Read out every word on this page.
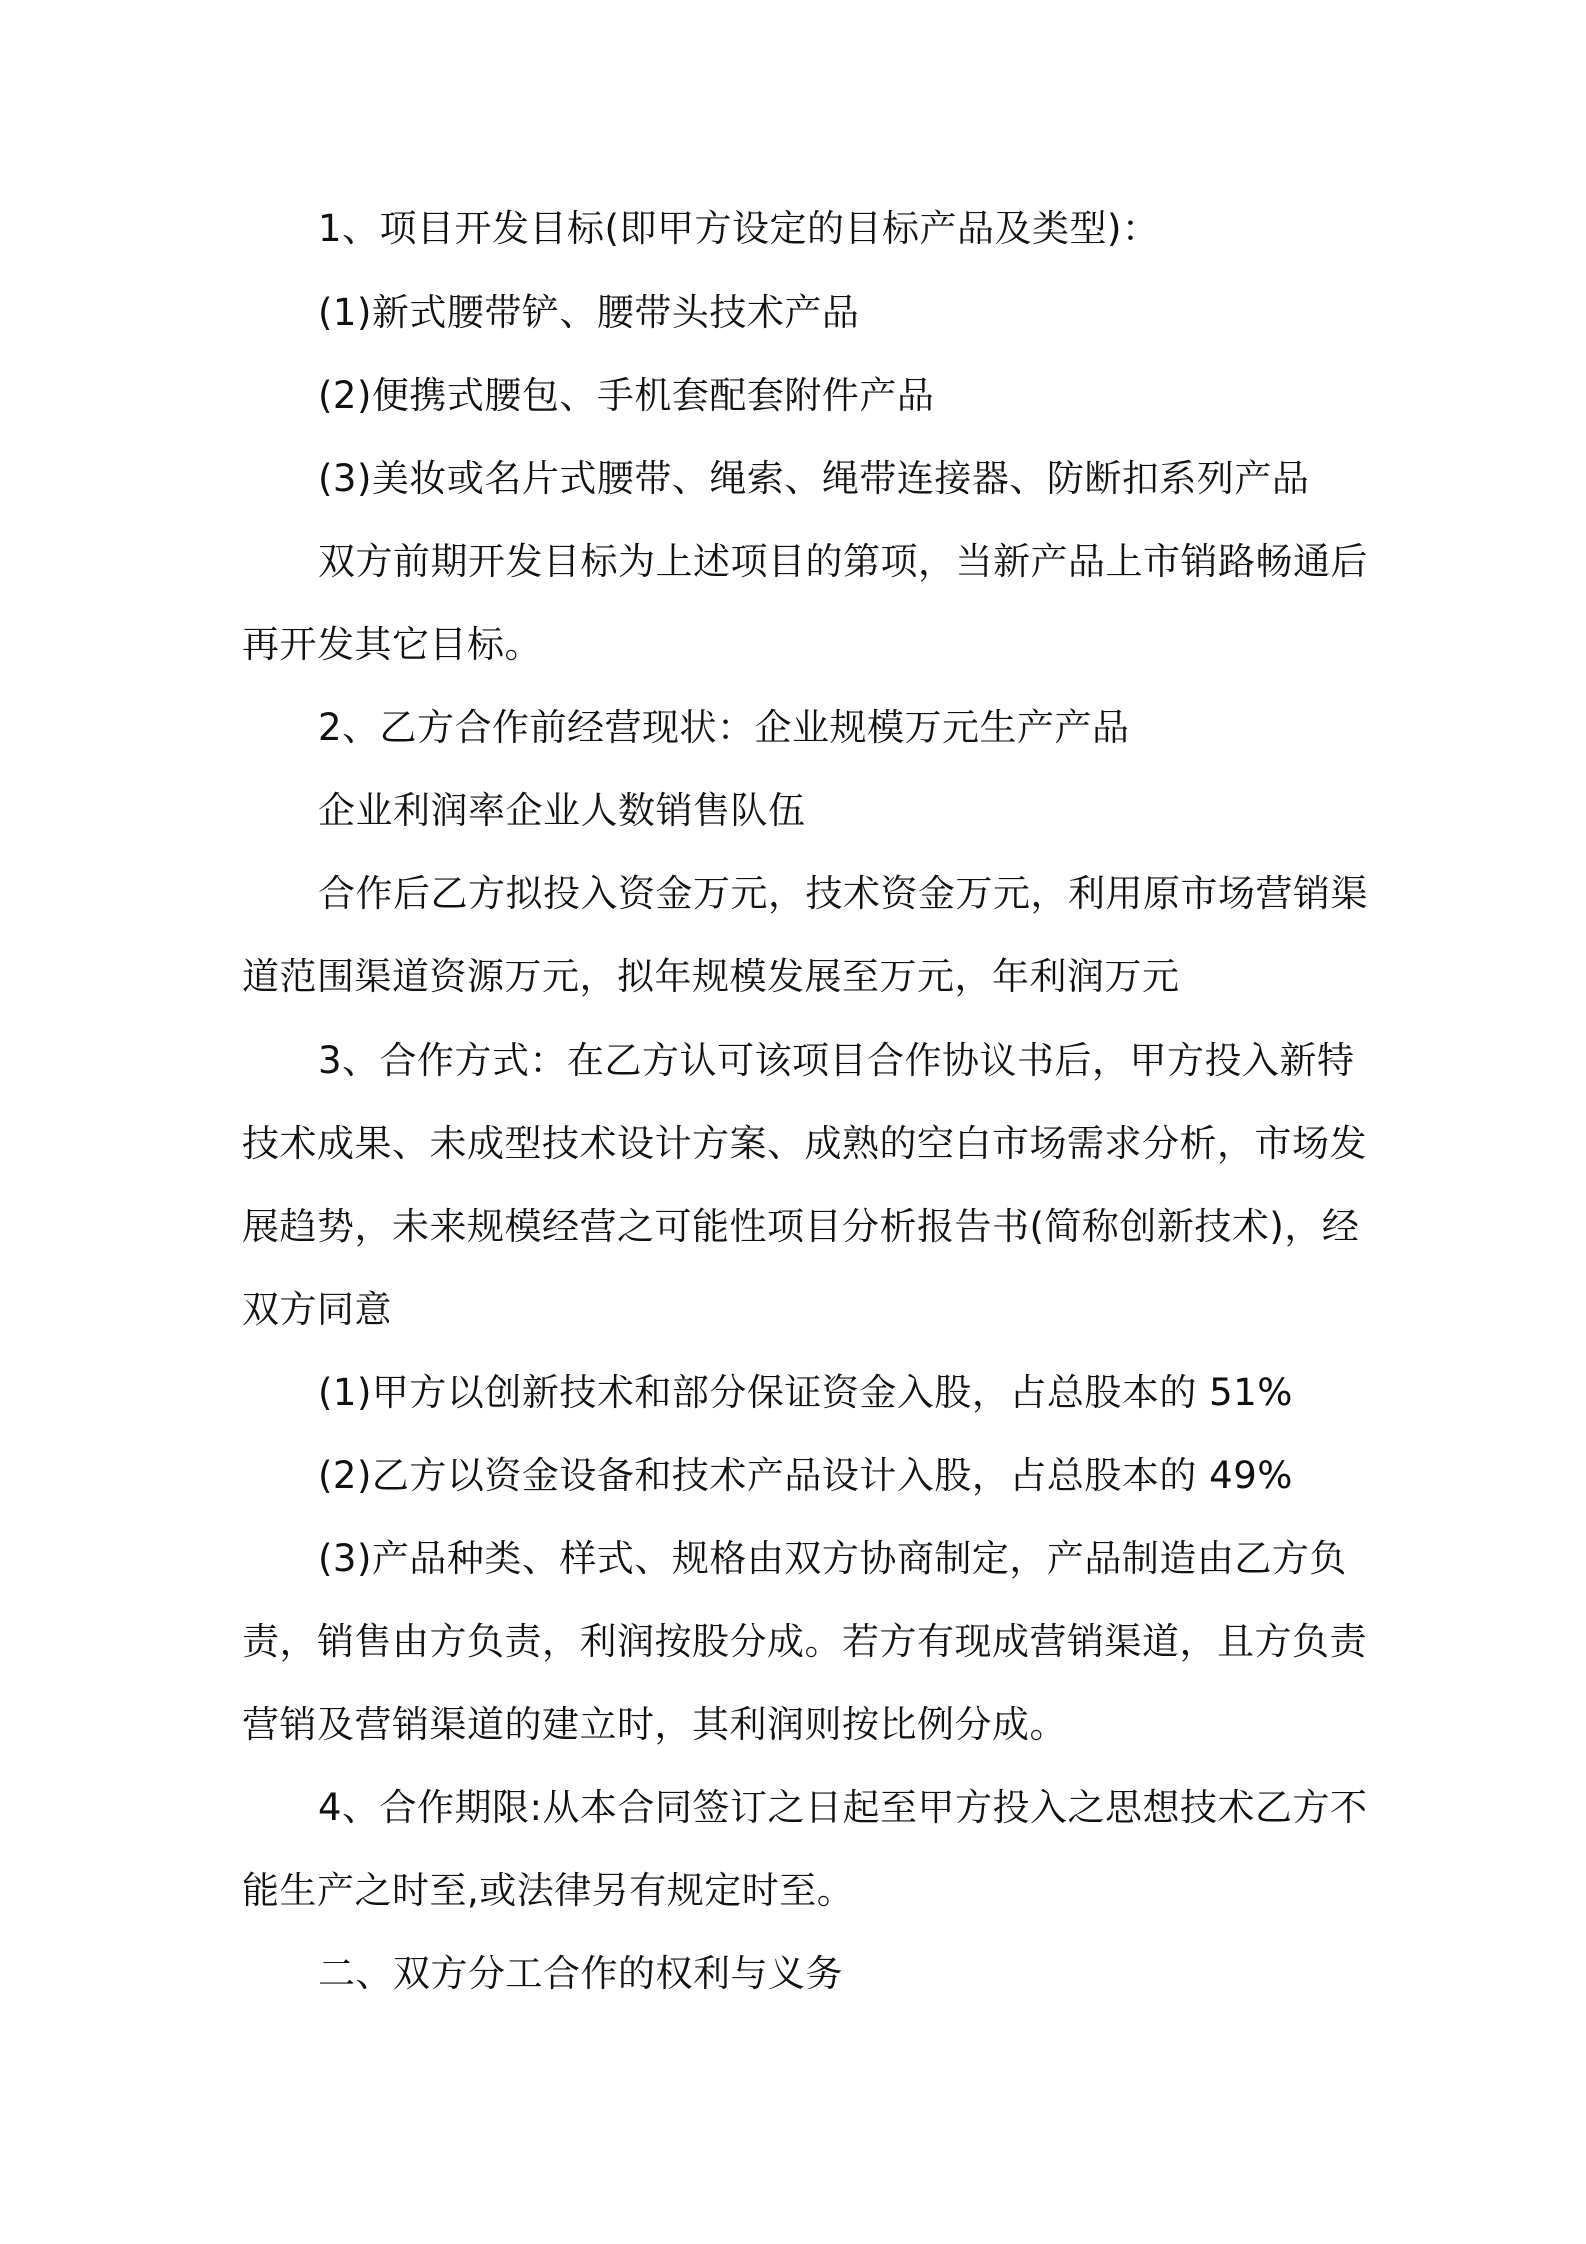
1、项目开发目标(即甲方设定的目标产品及类型)：
(1)新式腰带铲、腰带头技术产品
(2)便携式腰包、手机套配套附件产品
(3)美妆或名片式腰带、绳索、绳带连接器、防断扣系列产品
双方前期开发目标为上述项目的第项，当新产品上市销路畅通后
再开发其它目标。
2、乙方合作前经营现状：企业规模万元生产产品
企业利润率企业人数销售队伍
合作后乙方拟投入资金万元，技术资金万元，利用原市场营销渠
道范围渠道资源万元，拟年规模发展至万元，年利润万元
3、合作方式：在乙方认可该项目合作协议书后，甲方投入新特
技术成果、未成型技术设计方案、成熟的空白市场需求分析，市场发
展趋势，未来规模经营之可能性项目分析报告书(简称创新技术)，经
双方同意
(1)甲方以创新技术和部分保证资金入股，占总股本的 51%
(2)乙方以资金设备和技术产品设计入股，占总股本的 49%
(3)产品种类、样式、规格由双方协商制定，产品制造由乙方负
责，销售由方负责，利润按股分成。若方有现成营销渠道，且方负责
营销及营销渠道的建立时，其利润则按比例分成。
4、合作期限:从本合同签订之日起至甲方投入之思想技术乙方不
能生产之时至,或法律另有规定时至。
二、双方分工合作的权利与义务
